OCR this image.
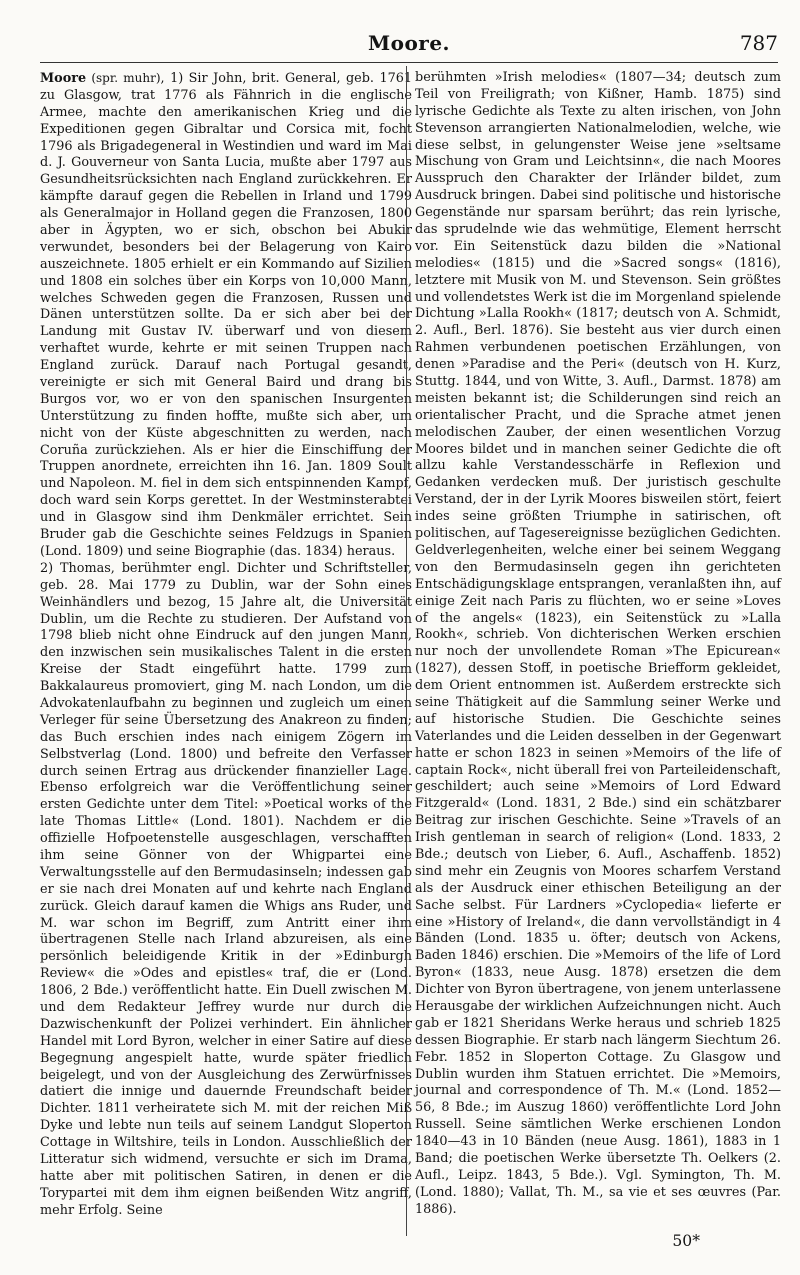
Moore.	787

Moore (spr. muhr), 1) Sir John, brit. General, geb. 1761 zu Glasgow, trat 1776 als Fähnrich in die englische Armee, machte den amerikanischen Krieg und die Expeditionen gegen Gibraltar und Corsica mit, focht 1796 als Brigadegeneral in Westindien und ward im Mai d. J. Gouverneur von Santa Lucia, mußte aber 1797 aus Gesundheitsrücksichten nach England zurückkehren. Er kämpfte darauf gegen die Rebellen in Irland und 1799 als Generalmajor in Holland gegen die Franzosen, 1800 aber in Ägypten, wo er sich, obschon bei Abukir verwundet, besonders bei der Belagerung von Kairo auszeichnete. 1805 erhielt er ein Kommando auf Sizilien und 1808 ein solches über ein Korps von 10,000 Mann, welches Schweden gegen die Franzosen, Russen und Dänen unterstützen sollte. Da er sich aber bei der Landung mit Gustav IV. überwarf und von diesem verhaftet wurde, kehrte er mit seinen Truppen nach England zurück. Darauf nach Portugal gesandt, vereinigte er sich mit General Baird und drang bis Burgos vor, wo er von den spanischen Insurgenten Unterstützung zu finden hoffte, mußte sich aber, um nicht von der Küste abgeschnitten zu werden, nach Coruña zurückziehen. Als er hier die Einschiffung der Truppen anordnete, erreichten ihn 16. Jan. 1809 Soult und Napoleon. M. fiel in dem sich entspinnenden Kampf, doch ward sein Korps gerettet. In der Westminsterabtei und in Glasgow sind ihm Denkmäler errichtet. Sein Bruder gab die Geschichte seines Feldzugs in Spanien (Lond. 1809) und seine Biographie (das. 1834) heraus.

2) Thomas, berühmter engl. Dichter und Schriftsteller, geb. 28. Mai 1779 zu Dublin, war der Sohn eines Weinhändlers und bezog, 15 Jahre alt, die Universität Dublin, um die Rechte zu studieren. Der Aufstand von 1798 blieb nicht ohne Eindruck auf den jungen Mann, den inzwischen sein musikalisches Talent in die ersten Kreise der Stadt eingeführt hatte. 1799 zum Bakkalaureus promoviert, ging M. nach London, um die Advokatenlaufbahn zu beginnen und zugleich um einen Verleger für seine Übersetzung des Anakreon zu finden; das Buch erschien indes nach einigem Zögern im Selbstverlag (Lond. 1800) und befreite den Verfasser durch seinen Ertrag aus drückender finanzieller Lage. Ebenso erfolgreich war die Veröffentlichung seiner ersten Gedichte unter dem Titel: »Poetical works of the late Thomas Little« (Lond. 1801). Nachdem er die offizielle Hofpoetenstelle ausgeschlagen, verschafften ihm seine Gönner von der Whigpartei eine Verwaltungsstelle auf den Bermudasinseln; indessen gab er sie nach drei Monaten auf und kehrte nach England zurück. Gleich darauf kamen die Whigs ans Ruder, und M. war schon im Begriff, zum Antritt einer ihm übertragenen Stelle nach Irland abzureisen, als eine persönlich beleidigende Kritik in der »Edinburgh Review« die »Odes and epistles« traf, die er (Lond. 1806, 2 Bde.) veröffentlicht hatte. Ein Duell zwischen M. und dem Redakteur Jeffrey wurde nur durch die Dazwischenkunft der Polizei verhindert. Ein ähnlicher Handel mit Lord Byron, welcher in einer Satire auf diese Begegnung angespielt hatte, wurde später friedlich beigelegt, und von der Ausgleichung des Zerwürfnisses datiert die innige und dauernde Freundschaft beider Dichter. 1811 verheiratete sich M. mit der reichen Miß Dyke und lebte nun teils auf seinem Landgut Sloperton Cottage in Wiltshire, teils in London. Ausschließlich der Litteratur sich widmend, versuchte er sich im Drama, hatte aber mit politischen Satiren, in denen er die Torypartei mit dem ihm eignen beißenden Witz angriff, mehr Erfolg. Seine

berühmten »Irish melodies« (1807—34; deutsch zum Teil von Freiligrath; von Kißner, Hamb. 1875) sind lyrische Gedichte als Texte zu alten irischen, von John Stevenson arrangierten Nationalmelodien, welche, wie diese selbst, in gelungenster Weise jene »seltsame Mischung von Gram und Leichtsinn«, die nach Moores Ausspruch den Charakter der Irländer bildet, zum Ausdruck bringen. Dabei sind politische und historische Gegenstände nur sparsam berührt; das rein lyrische, das sprudelnde wie das wehmütige, Element herrscht vor. Ein Seitenstück dazu bilden die »National melodies« (1815) und die »Sacred songs« (1816), letztere mit Musik von M. und Stevenson. Sein größtes und vollendetstes Werk ist die im Morgenland spielende Dichtung »Lalla Rookh« (1817; deutsch von A. Schmidt, 2. Aufl., Berl. 1876). Sie besteht aus vier durch einen Rahmen verbundenen poetischen Erzählungen, von denen »Paradise and the Peri« (deutsch von H. Kurz, Stuttg. 1844, und von Witte, 3. Aufl., Darmst. 1878) am meisten bekannt ist; die Schilderungen sind reich an orientalischer Pracht, und die Sprache atmet jenen melodischen Zauber, der einen wesentlichen Vorzug Moores bildet und in manchen seiner Gedichte die oft allzu kahle Verstandesschärfe in Reflexion und Gedanken verdecken muß. Der juristisch geschulte Verstand, der in der Lyrik Moores bisweilen stört, feiert indes seine größten Triumphe in satirischen, oft politischen, auf Tagesereignisse bezüglichen Gedichten. Geldverlegenheiten, welche einer bei seinem Weggang von den Bermudasinseln gegen ihn gerichteten Entschädigungsklage entsprangen, veranlaßten ihn, auf einige Zeit nach Paris zu flüchten, wo er seine »Loves of the angels« (1823), ein Seitenstück zu »Lalla Rookh«, schrieb. Von dichterischen Werken erschien nur noch der unvollendete Roman »The Epicurean« (1827), dessen Stoff, in poetische Briefform gekleidet, dem Orient entnommen ist. Außerdem erstreckte sich seine Thätigkeit auf die Sammlung seiner Werke und auf historische Studien. Die Geschichte seines Vaterlandes und die Leiden desselben in der Gegenwart hatte er schon 1823 in seinen »Memoirs of the life of captain Rock«, nicht überall frei von Parteileidenschaft, geschildert; auch seine »Memoirs of Lord Edward Fitzgerald« (Lond. 1831, 2 Bde.) sind ein schätzbarer Beitrag zur irischen Geschichte. Seine »Travels of an Irish gentleman in search of religion« (Lond. 1833, 2 Bde.; deutsch von Lieber, 6. Aufl., Aschaffenb. 1852) sind mehr ein Zeugnis von Moores scharfem Verstand als der Ausdruck einer ethischen Beteiligung an der Sache selbst. Für Lardners »Cyclopedia« lieferte er eine »History of Ireland«, die dann vervollständigt in 4 Bänden (Lond. 1835 u. öfter; deutsch von Ackens, Baden 1846) erschien. Die »Memoirs of the life of Lord Byron« (1833, neue Ausg. 1878) ersetzen die dem Dichter von Byron übertragene, von jenem unterlassene Herausgabe der wirklichen Aufzeichnungen nicht. Auch gab er 1821 Sheridans Werke heraus und schrieb 1825 dessen Biographie. Er starb nach längerm Siechtum 26. Febr. 1852 in Sloperton Cottage. Zu Glasgow und Dublin wurden ihm Statuen errichtet. Die »Memoirs, journal and correspondence of Th. M.« (Lond. 1852—56, 8 Bde.; im Auszug 1860) veröffentlichte Lord John Russell. Seine sämtlichen Werke erschienen London 1840—43 in 10 Bänden (neue Ausg. 1861), 1883 in 1 Band; die poetischen Werke übersetzte Th. Oelkers (2. Aufl., Leipz. 1843, 5 Bde.). Vgl. Symington, Th. M. (Lond. 1880); Vallat, Th. M., sa vie et ses œuvres (Par. 1886).

50*
